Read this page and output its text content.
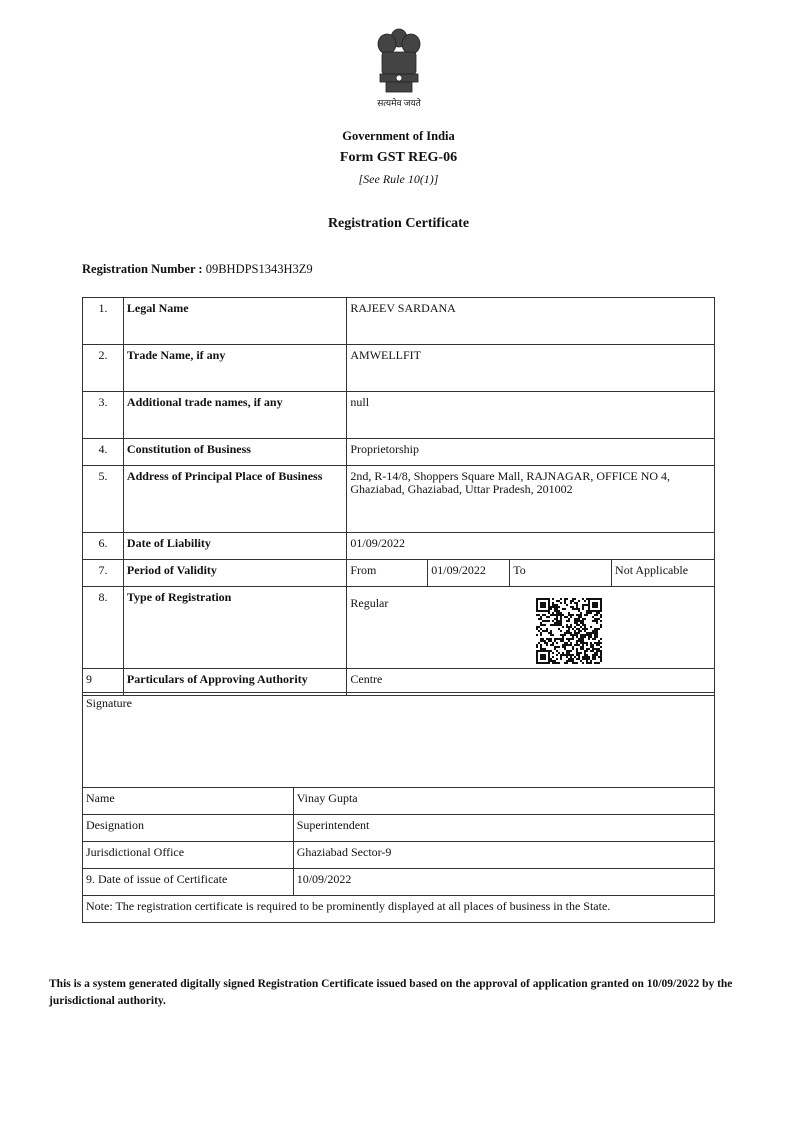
सत्यमेव जयते
Government of India
Form GST REG-06
[See Rule 10(1)]
Registration Certificate
Registration Number : 09BHDPS1343H3Z9
1.	Legal Name	RAJEEV SARDANA			
2.	Trade Name, if any	AMWELLFIT			
3.	Additional trade names, if any	null			
4.	Constitution of Business	Proprietorship			
5.	Address of Principal Place of Business	2nd, R-14/8, Shoppers Square Mall, RAJNAGAR, OFFICE NO 4, Ghaziabad, Ghaziabad, Uttar Pradesh, 201002			
6.	Date of Liability	01/09/2022			
7.	Period of Validity	From	01/09/2022	To	Not Applicable
8.	Type of Registration	Regular			

9	Particulars of Approving Authority	Centre			
Signature	
Name	Vinay Gupta
Designation	Superintendent
Jurisdictional Office	Ghaziabad Sector-9
9. Date of issue of Certificate	10/09/2022
Note: The registration certificate is required to be prominently displayed at all places of business in the State.	
This is a system generated digitally signed Registration Certificate issued based on the approval of application granted on 10/09/2022 by the jurisdictional authority.
